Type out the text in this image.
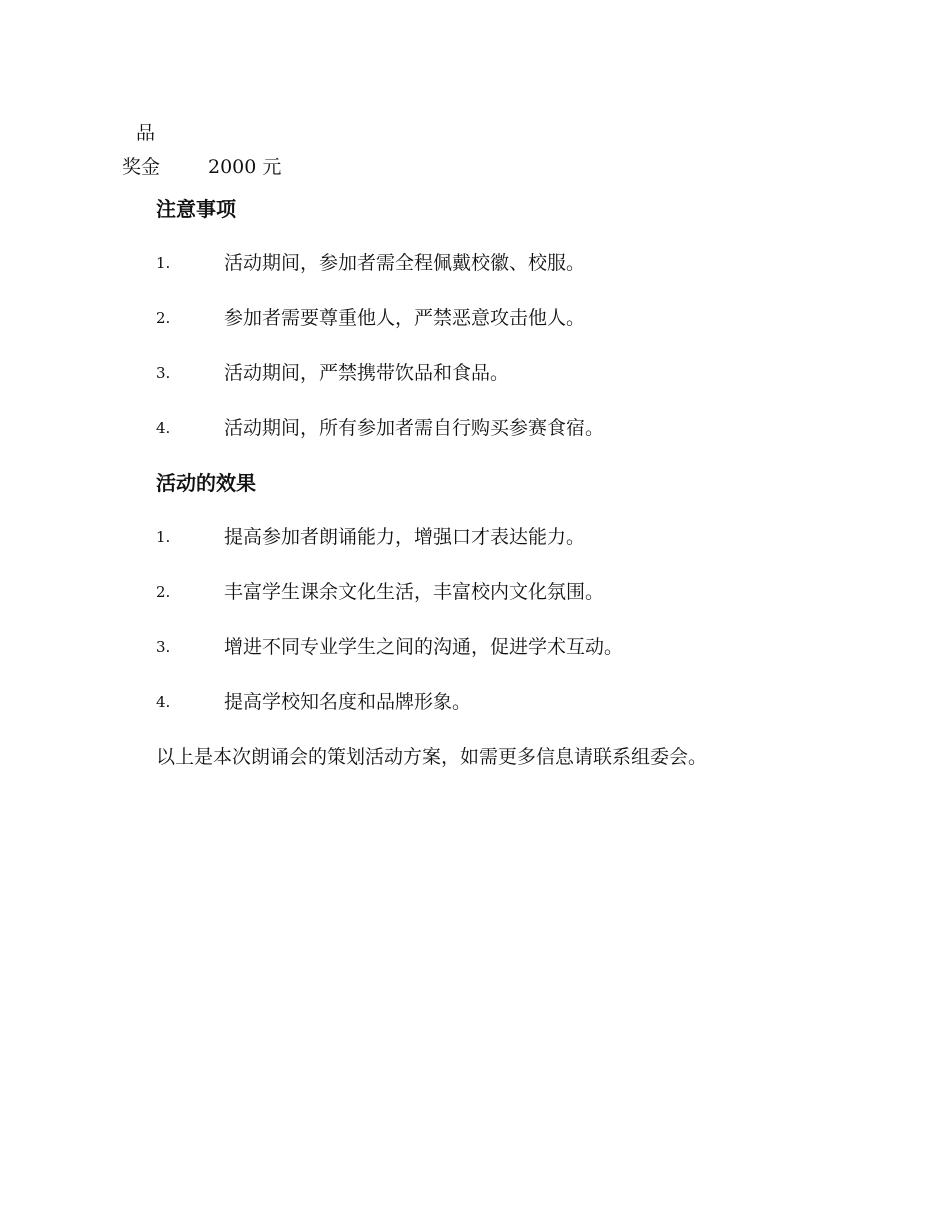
品
奖金	2000 元
注意事项
1.	活动期间，参加者需全程佩戴校徽、校服。
2.	参加者需要尊重他人，严禁恶意攻击他人。
3.	活动期间，严禁携带饮品和食品。
4.	活动期间，所有参加者需自行购买参赛食宿。
活动的效果
1.	提高参加者朗诵能力，增强口才表达能力。
2.	丰富学生课余文化生活，丰富校内文化氛围。
3.	增进不同专业学生之间的沟通，促进学术互动。
4.	提高学校知名度和品牌形象。
以上是本次朗诵会的策划活动方案，如需更多信息请联系组委会。
